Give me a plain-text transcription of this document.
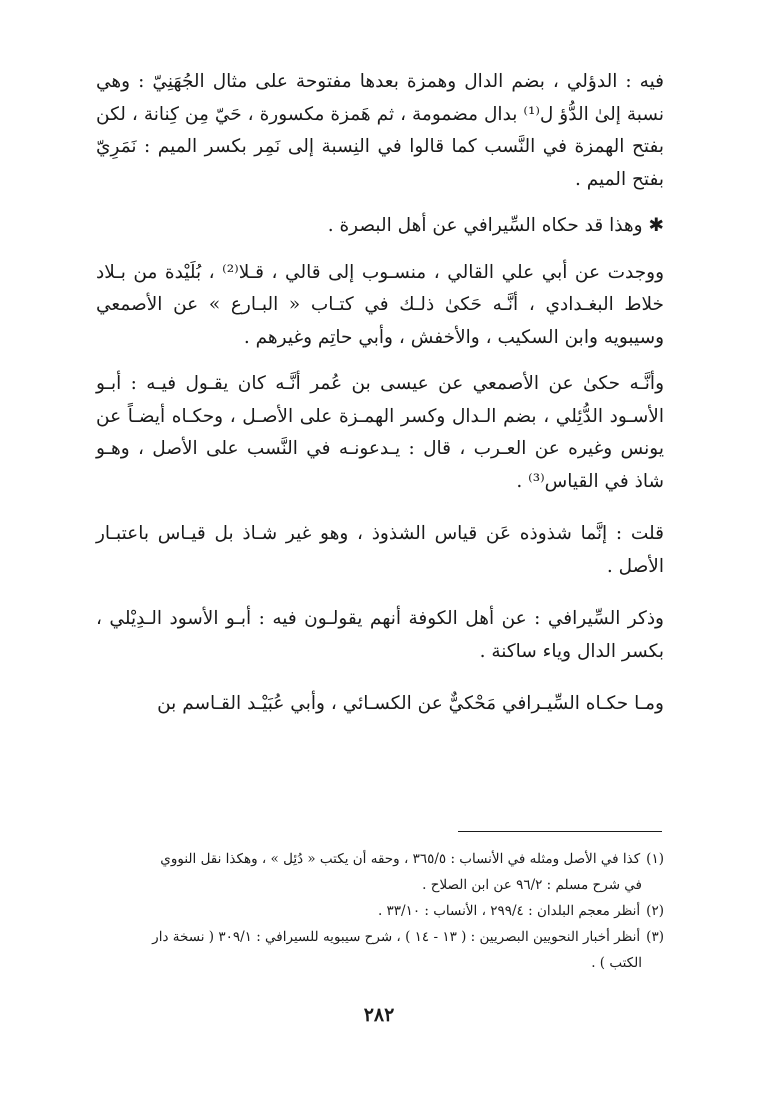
فيه : الدؤلي ، بضم الدال وهمزة بعدها مفتوحة على مثال الجُهَنِيّ : وهي نسبة إلىٰ الدُّؤ ل⁽¹⁾ بدال مضمومة ، ثم هَمزة مكسورة ، حَيّ مِن كِنانة ، لكن بفتح الهمزة في النَّسب كما قالوا في النِسبة إلى نَمِر بكسر الميم : نَمَرِيّ بفتح الميم .

✱ وهذا قد حكاه السِّيرافي عن أهل البصرة .

ووجدت عن أبي علي القالي ، منسـوب إلى قالي ، قـلا⁽²⁾ ، بُلَيْدة من بـلاد خلاط البغـدادي ، أنَّـه حَكىٰ ذلـك في كتـاب « البـارع » عن الأصمعي وسيبويه وابن السكيب ، والأخفش ، وأبي حاتِم وغيرهم .

وأنَّـه حكىٰ عن الأصمعي عن عيسى بن عُمر أنَّـه كان يقـول فيـه : أبـو الأسـود الدُّئِلي ، بضم الـدال وكسر الهمـزة على الأصـل ، وحكـاه أيضـاً عن يونس وغيره عن العـرب ، قال : يـدعونـه في النَّسب على الأصل ، وهـو شاذ في القياس⁽³⁾ .

قلت : إنَّما شذوذه عَن قياس الشذوذ ، وهو غير شـاذ بل قيـاس باعتبـار الأصل .

وذكر السِّيرافي : عن أهل الكوفة أنهم يقولـون فيه : أبـو الأسود الـدِيْلي ، بكسر الدال وياء ساكنة .

ومـا حكـاه السِّيـرافي مَحْكيٌّ عن الكسـائي ، وأبي عُبَيْـد القـاسم بن

(١)كذا في الأصل ومثله في الأنساب : ٣٦٥/٥ ، وحقه أن يكتب « دُئِل » ، وهكذا نقل النووي
في شرح مسلم : ٩٦/٢ عن ابن الصلاح .

(٢)أنظر معجم البلدان : ٢٩٩/٤ ، الأنساب : ٣٣/١٠ .

(٣)أنظر أخبار النحويين البصريين : ( ١٣ - ١٤ ) ، شرح سيبويه للسيرافي : ٣٠٩/١ ( نسخة دار
الكتب ) .

٢٨٢
